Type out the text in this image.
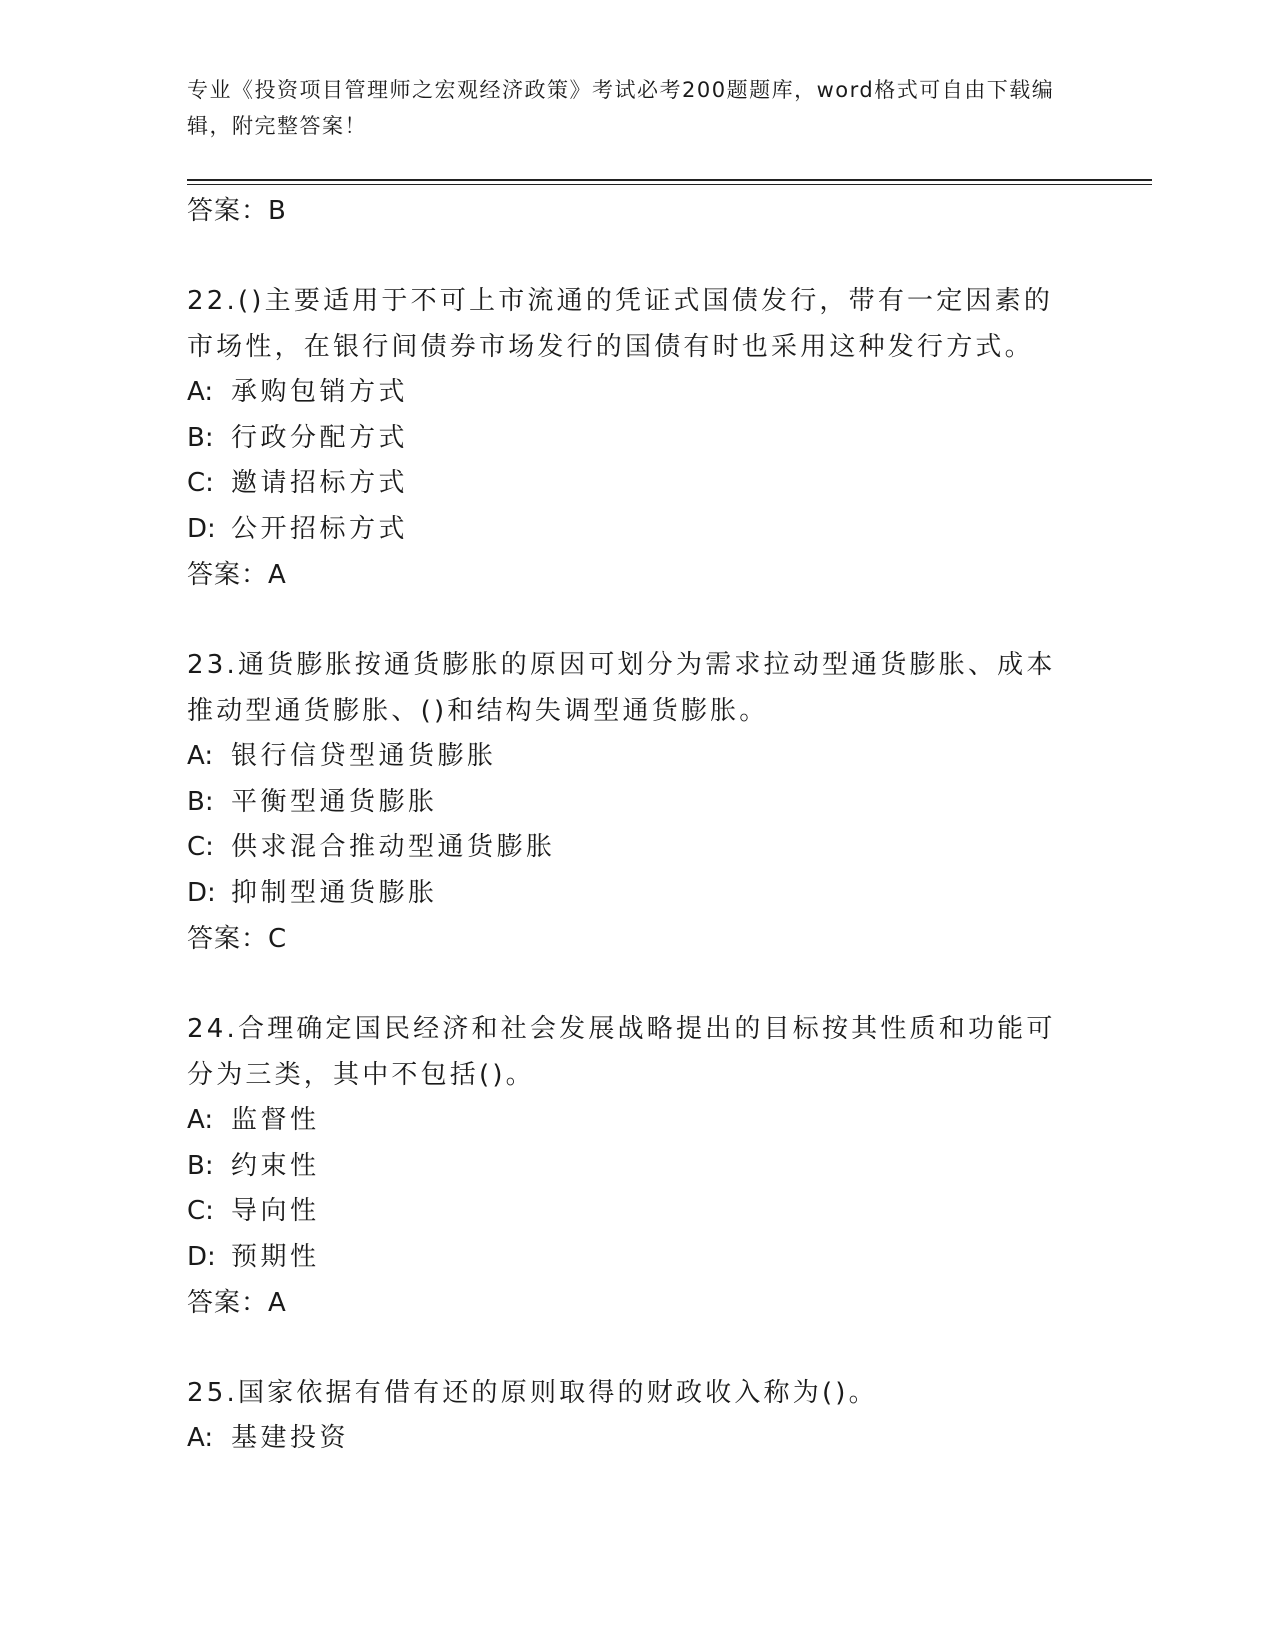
专业《投资项目管理师之宏观经济政策》考试必考200题题库，word格式可自由下载编辑，附完整答案！
答案：B
22.()主要适用于不可上市流通的凭证式国债发行，带有一定因素的市场性，在银行间债券市场发行的国债有时也采用这种发行方式。
A: 承购包销方式
B: 行政分配方式
C: 邀请招标方式
D: 公开招标方式
答案：A
23.通货膨胀按通货膨胀的原因可划分为需求拉动型通货膨胀、成本推动型通货膨胀、()和结构失调型通货膨胀。
A: 银行信贷型通货膨胀
B: 平衡型通货膨胀
C: 供求混合推动型通货膨胀
D: 抑制型通货膨胀
答案：C
24.合理确定国民经济和社会发展战略提出的目标按其性质和功能可分为三类，其中不包括()。
A: 监督性
B: 约束性
C: 导向性
D: 预期性
答案：A
25.国家依据有借有还的原则取得的财政收入称为()。
A: 基建投资
